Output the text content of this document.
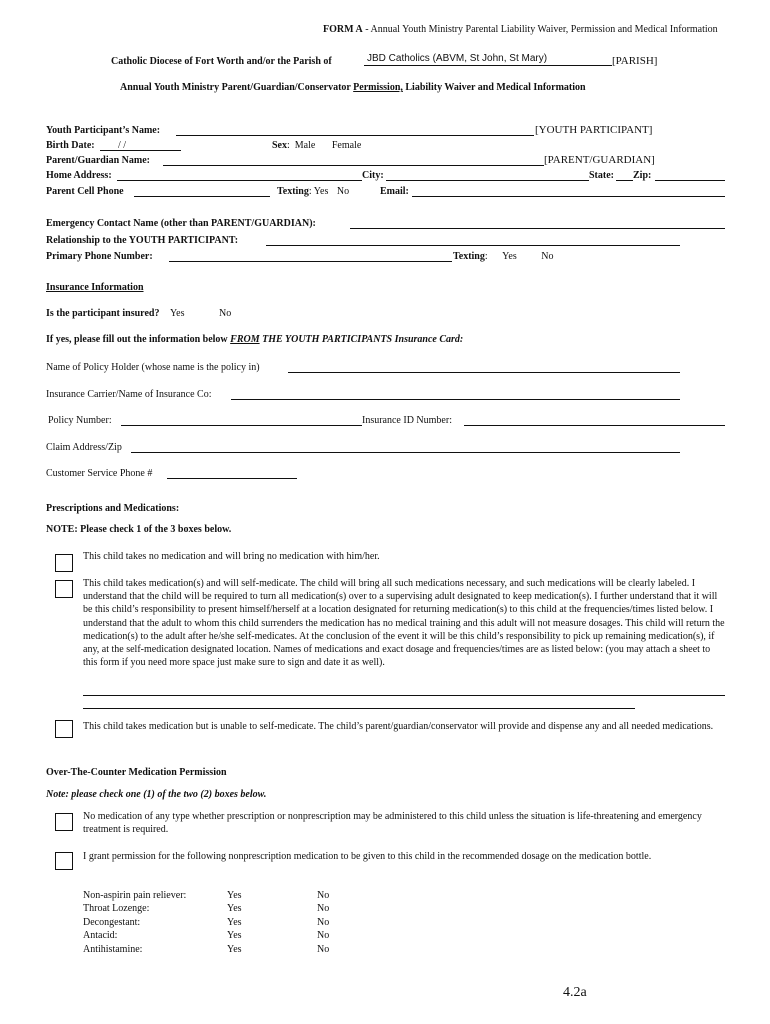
FORM A - Annual Youth Ministry Parental Liability Waiver, Permission and Medical Information
Catholic Diocese of Fort Worth and/or the Parish of	JBD Catholics (ABVM, St John, St Mary)	[PARISH]
Annual Youth Ministry Parent/Guardian/Conservator Permission, Liability Waiver and Medical Information
Youth Participant’s Name:	[YOUTH PARTICIPANT]
Birth Date: / /	Sex:  Male Female
Parent/Guardian Name:	[PARENT/GUARDIAN]
Home Address:	City:	State: Zip:
Parent Cell Phone	Texting: Yes No	Email:
Emergency Contact Name (other than PARENT/GUARDIAN):
Relationship to the YOUTH PARTICIPANT:
Primary Phone Number:	Texting: Yes No
Insurance Information
Is the participant insured? Yes	No
If yes, please fill out the information below FROM THE YOUTH PARTICIPANTS Insurance Card:
Name of Policy Holder (whose name is the policy in)
Insurance Carrier/Name of Insurance Co:
Policy Number:	Insurance ID Number:
Claim Address/Zip
Customer Service Phone #
Prescriptions and Medications:
NOTE: Please check 1 of the 3 boxes below.
This child takes no medication and will bring no medication with him/her.
This child takes medication(s) and will self-medicate. The child will bring all such medications necessary, and such medications will be clearly labeled. I understand that the child will be required to turn all medication(s) over to a supervising adult designated to keep medication(s). I further understand that it will be this child’s responsibility to present himself/herself at a location designated for returning medication(s) to this child at the frequencies/times listed below. I understand that the adult to whom this child surrenders the medication has no medical training and this adult will not measure dosages. This child will return the medication(s) to the adult after he/she self-medicates. At the conclusion of the event it will be this child’s responsibility to pick up remaining medication(s), if any, at the self-medication designated location. Names of medications and exact dosage and frequencies/times are as listed below: (you may attach a sheet to this form if you need more space just make sure to sign and date it as well).
This child takes medication but is unable to self-medicate. The child’s parent/guardian/conservator will provide and dispense any and all needed medications.
Over-The-Counter Medication Permission
Note: please check one (1) of the two (2) boxes below.
No medication of any type whether prescription or nonprescription may be administered to this child unless the situation is life-threatening and emergency treatment is required.
I grant permission for the following nonprescription medication to be given to this child in the recommended dosage on the medication bottle.
Non-aspirin pain reliever:	Yes	No
Throat Lozenge:	Yes	No
Decongestant:	Yes	No
Antacid:	Yes	No
Antihistamine:	Yes	No
4.2a
